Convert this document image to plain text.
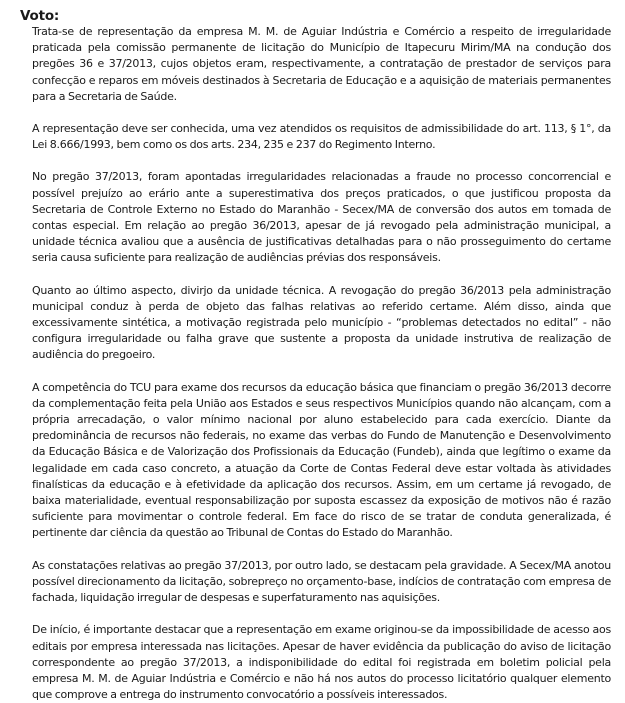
Voto:

Trata-se de representação da empresa M. M. de Aguiar Indústria e Comércio a respeito de irregularidade praticada pela comissão permanente de licitação do Município de Itapecuru Mirim/MA na condução dos pregões 36 e 37/2013, cujos objetos eram, respectivamente, a contratação de prestador de serviços para confecção e reparos em móveis destinados à Secretaria de Educação e a aquisição de materiais permanentes para a Secretaria de Saúde.

A representação deve ser conhecida, uma vez atendidos os requisitos de admissibilidade do art. 113, § 1°, da Lei 8.666/1993, bem como os dos arts. 234, 235 e 237 do Regimento Interno.

No pregão 37/2013, foram apontadas irregularidades relacionadas a fraude no processo concorrencial e possível prejuízo ao erário ante a superestimativa dos preços praticados, o que justificou proposta da Secretaria de Controle Externo no Estado do Maranhão - Secex/MA de conversão dos autos em tomada de contas especial. Em relação ao pregão 36/2013, apesar de já revogado pela administração municipal, a unidade técnica avaliou que a ausência de justificativas detalhadas para o não prosseguimento do certame seria causa suficiente para realização de audiências prévias dos responsáveis.

Quanto ao último aspecto, divirjo da unidade técnica. A revogação do pregão 36/2013 pela administração municipal conduz à perda de objeto das falhas relativas ao referido certame. Além disso, ainda que excessivamente sintética, a motivação registrada pelo município - “problemas detectados no edital” - não configura irregularidade ou falha grave que sustente a proposta da unidade instrutiva de realização de audiência do pregoeiro.

A competência do TCU para exame dos recursos da educação básica que financiam o pregão 36/2013 decorre da complementação feita pela União aos Estados e seus respectivos Municípios quando não alcançam, com a própria arrecadação, o valor mínimo nacional por aluno estabelecido para cada exercício. Diante da predominância de recursos não federais, no exame das verbas do Fundo de Manutenção e Desenvolvimento da Educação Básica e de Valorização dos Profissionais da Educação (Fundeb), ainda que legítimo o exame da legalidade em cada caso concreto, a atuação da Corte de Contas Federal deve estar voltada às atividades finalísticas da educação e à efetividade da aplicação dos recursos. Assim, em um certame já revogado, de baixa materialidade, eventual responsabilização por suposta escassez da exposição de motivos não é razão suficiente para movimentar o controle federal. Em face do risco de se tratar de conduta generalizada, é pertinente dar ciência da questão ao Tribunal de Contas do Estado do Maranhão.

As constatações relativas ao pregão 37/2013, por outro lado, se destacam pela gravidade. A Secex/MA anotou possível direcionamento da licitação, sobrepreço no orçamento-base, indícios de contratação com empresa de fachada, liquidação irregular de despesas e superfaturamento nas aquisições.

De início, é importante destacar que a representação em exame originou-se da impossibilidade de acesso aos editais por empresa interessada nas licitações. Apesar de haver evidência da publicação do aviso de licitação correspondente ao pregão 37/2013, a indisponibilidade do edital foi registrada em boletim policial pela empresa M. M. de Aguiar Indústria e Comércio e não há nos autos do processo licitatório qualquer elemento que comprove a entrega do instrumento convocatório a possíveis interessados.
